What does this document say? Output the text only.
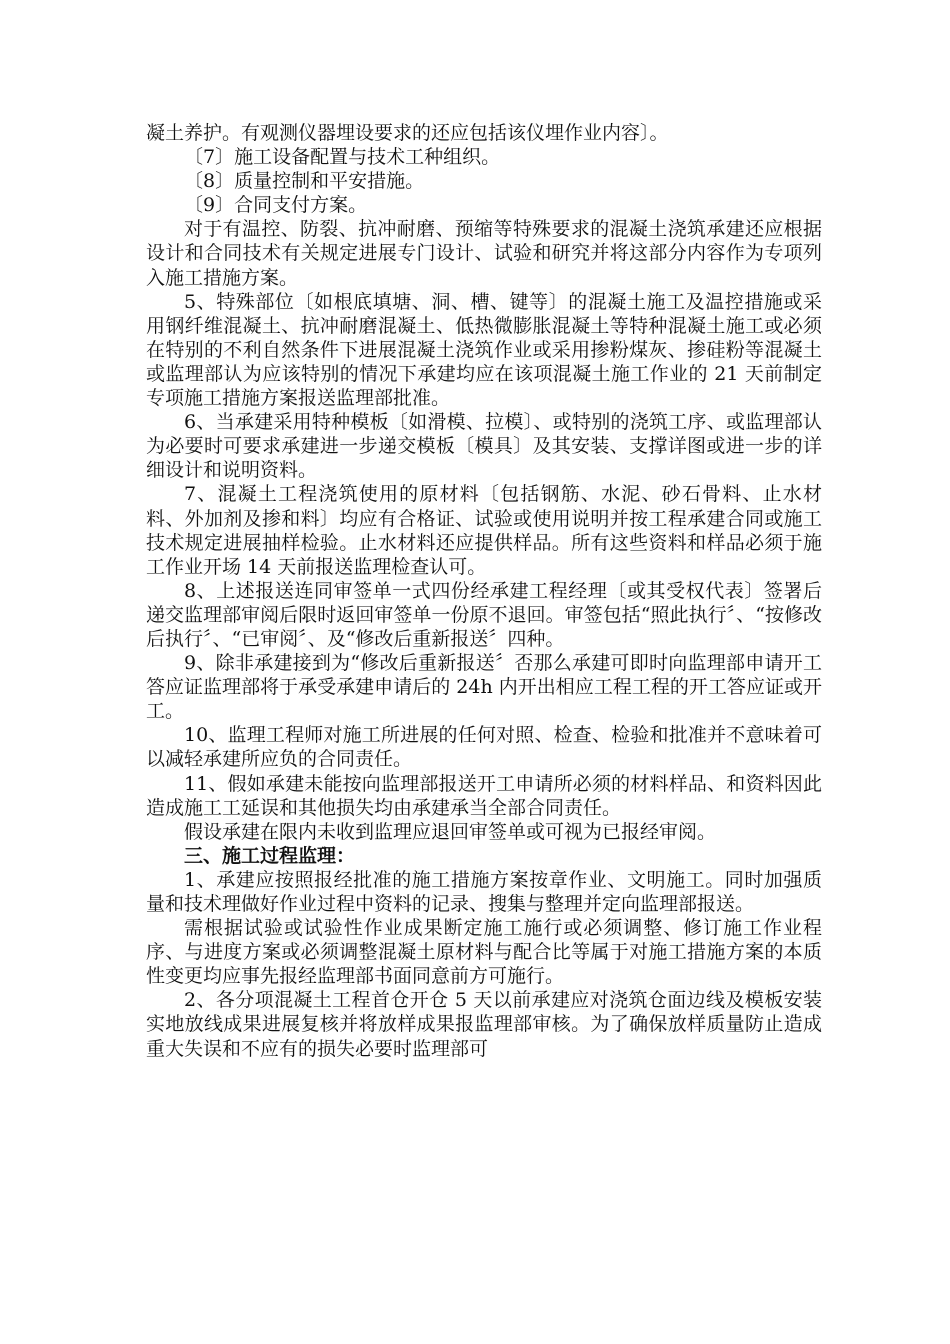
凝土养护。有观测仪器埋设要求的还应包括该仪埋作业内容〕。

〔7〕施工设备配置与技术工种组织。

〔8〕质量控制和平安措施。

〔9〕合同支付方案。

对于有温控、防裂、抗冲耐磨、预缩等特殊要求的混凝土浇筑承建还应根据设计和合同技术有关规定进展专门设计、试验和研究并将这部分内容作为专项列入施工措施方案。

5、特殊部位〔如根底填塘、洞、槽、键等〕的混凝土施工及温控措施或采用钢纤维混凝土、抗冲耐磨混凝土、低热微膨胀混凝土等特种混凝土施工或必须在特别的不利自然条件下进展混凝土浇筑作业或采用掺粉煤灰、掺硅粉等混凝土或监理部认为应该特别的情况下承建均应在该项混凝土施工作业的 21 天前制定专项施工措施方案报送监理部批准。

6、当承建采用特种模板〔如滑模、拉模〕、或特别的浇筑工序、或监理部认为必要时可要求承建进一步递交模板〔模具〕及其安装、支撑详图或进一步的详细设计和说明资料。

7、混凝土工程浇筑使用的原材料〔包括钢筋、水泥、砂石骨料、止水材料、外加剂及掺和料〕均应有合格证、试验或使用说明并按工程承建合同或施工技术规定进展抽样检验。止水材料还应提供样品。所有这些资料和样品必须于施工作业开场 14 天前报送监理检查认可。

8、上述报送连同审签单一式四份经承建工程经理〔或其受权代表〕签署后递交监理部审阅后限时返回审签单一份原不退回。审签包括“照此执行〞、“按修改后执行〞、“已审阅〞、及“修改后重新报送〞四种。

9、除非承建接到为“修改后重新报送〞否那么承建可即时向监理部申请开工答应证监理部将于承受承建申请后的 24h 内开出相应工程工程的开工答应证或开工。

10、监理工程师对施工所进展的任何对照、检查、检验和批准并不意味着可以减轻承建所应负的合同责任。

11、假如承建未能按向监理部报送开工申请所必须的材料样品、和资料因此造成施工工延误和其他损失均由承建承当全部合同责任。

假设承建在限内未收到监理应退回审签单或可视为已报经审阅。

三、施工过程监理：

1、承建应按照报经批准的施工措施方案按章作业、文明施工。同时加强质量和技术理做好作业过程中资料的记录、搜集与整理并定向监理部报送。

需根据试验或试验性作业成果断定施工施行或必须调整、修订施工作业程序、与进度方案或必须调整混凝土原材料与配合比等属于对施工措施方案的本质性变更均应事先报经监理部书面同意前方可施行。

2、各分项混凝土工程首仓开仓 5 天以前承建应对浇筑仓面边线及模板安装实地放线成果进展复核并将放样成果报监理部审核。为了确保放样质量防止造成重大失误和不应有的损失必要时监理部可
